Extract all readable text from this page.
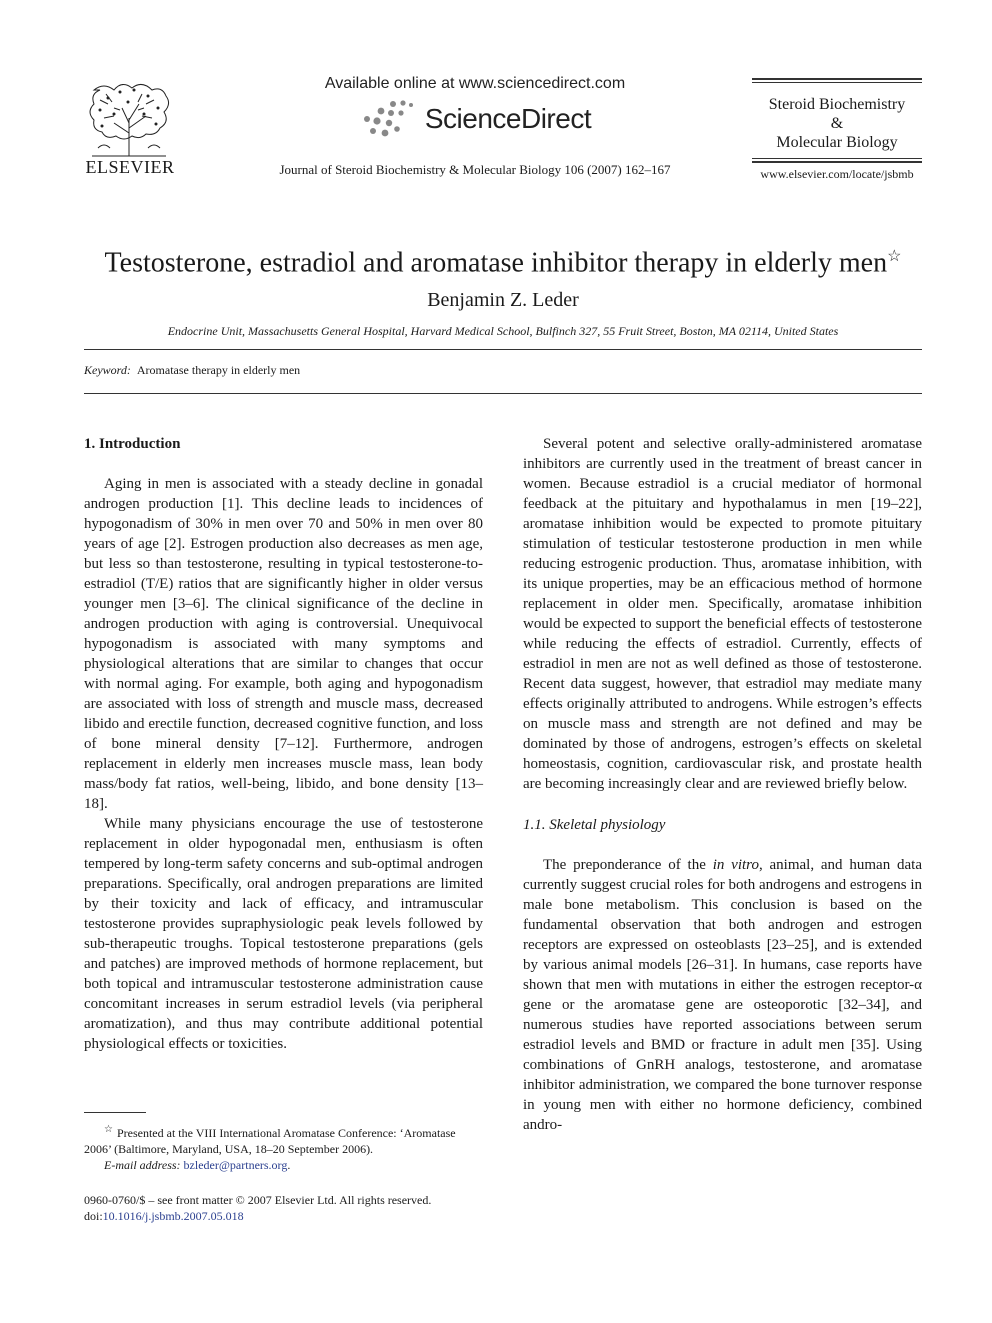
ELSEVIER
Available online at www.sciencedirect.com
ScienceDirect
Journal of Steroid Biochemistry & Molecular Biology 106 (2007) 162–167

Steroid Biochemistry
&
Molecular Biology
www.elsevier.com/locate/jsbmb
Testosterone, estradiol and aromatase inhibitor therapy in elderly men☆
Benjamin Z. Leder
Endocrine Unit, Massachusetts General Hospital, Harvard Medical School, Bulfinch 327, 55 Fruit Street, Boston, MA 02114, United States
Keyword: Aromatase therapy in elderly men
1. Introduction

Aging in men is associated with a steady decline in gonadal androgen production [1]. This decline leads to incidences of hypogonadism of 30% in men over 70 and 50% in men over 80 years of age [2]. Estrogen production also decreases as men age, but less so than testosterone, resulting in typical testosterone-to-estradiol (T/E) ratios that are significantly higher in older versus younger men [3–6]. The clinical significance of the decline in androgen production with aging is controversial. Unequivocal hypogonadism is associated with many symptoms and physiological alterations that are similar to changes that occur with normal aging. For example, both aging and hypogonadism are associated with loss of strength and muscle mass, decreased libido and erectile function, decreased cognitive function, and loss of bone mineral density [7–12]. Furthermore, androgen replacement in elderly men increases muscle mass, lean body mass/body fat ratios, well-being, libido, and bone density [13–18].

While many physicians encourage the use of testosterone replacement in older hypogonadal men, enthusiasm is often tempered by long-term safety concerns and sub-optimal androgen preparations. Specifically, oral androgen preparations are limited by their toxicity and lack of efficacy, and intramuscular testosterone provides supraphysiologic peak levels followed by sub-therapeutic troughs. Topical testosterone preparations (gels and patches) are improved methods of hormone replacement, but both topical and intramuscular testosterone administration cause concomitant increases in serum estradiol levels (via peripheral aromatization), and thus may contribute additional potential physiological effects or toxicities.

Several potent and selective orally-administered aromatase inhibitors are currently used in the treatment of breast cancer in women. Because estradiol is a crucial mediator of hormonal feedback at the pituitary and hypothalamus in men [19–22], aromatase inhibition would be expected to promote pituitary stimulation of testicular testosterone production in men while reducing estrogenic production. Thus, aromatase inhibition, with its unique properties, may be an efficacious method of hormone replacement in older men. Specifically, aromatase inhibition would be expected to support the beneficial effects of testosterone while reducing the effects of estradiol. Currently, effects of estradiol in men are not as well defined as those of testosterone. Recent data suggest, however, that estradiol may mediate many effects originally attributed to androgens. While estrogen’s effects on muscle mass and strength are not defined and may be dominated by those of androgens, estrogen’s effects on skeletal homeostasis, cognition, cardiovascular risk, and prostate health are becoming increasingly clear and are reviewed briefly below.

1.1. Skeletal physiology

The preponderance of the in vitro, animal, and human data currently suggest crucial roles for both androgens and estrogens in male bone metabolism. This conclusion is based on the fundamental observation that both androgen and estrogen receptors are expressed on osteoblasts [23–25], and is extended by various animal models [26–31]. In humans, case reports have shown that men with mutations in either the estrogen receptor-α gene or the aromatase gene are osteoporotic [32–34], and numerous studies have reported associations between serum estradiol levels and BMD or fracture in adult men [35]. Using combinations of GnRH analogs, testosterone, and aromatase inhibitor administration, we compared the bone turnover response in young men with either no hormone deficiency, combined andro-

☆ Presented at the VIII International Aromatase Conference: ‘Aromatase 2006’ (Baltimore, Maryland, USA, 18–20 September 2006).

E-mail address: bzleder@partners.org.

0960-0760/$ – see front matter © 2007 Elsevier Ltd. All rights reserved.
doi:10.1016/j.jsbmb.2007.05.018
